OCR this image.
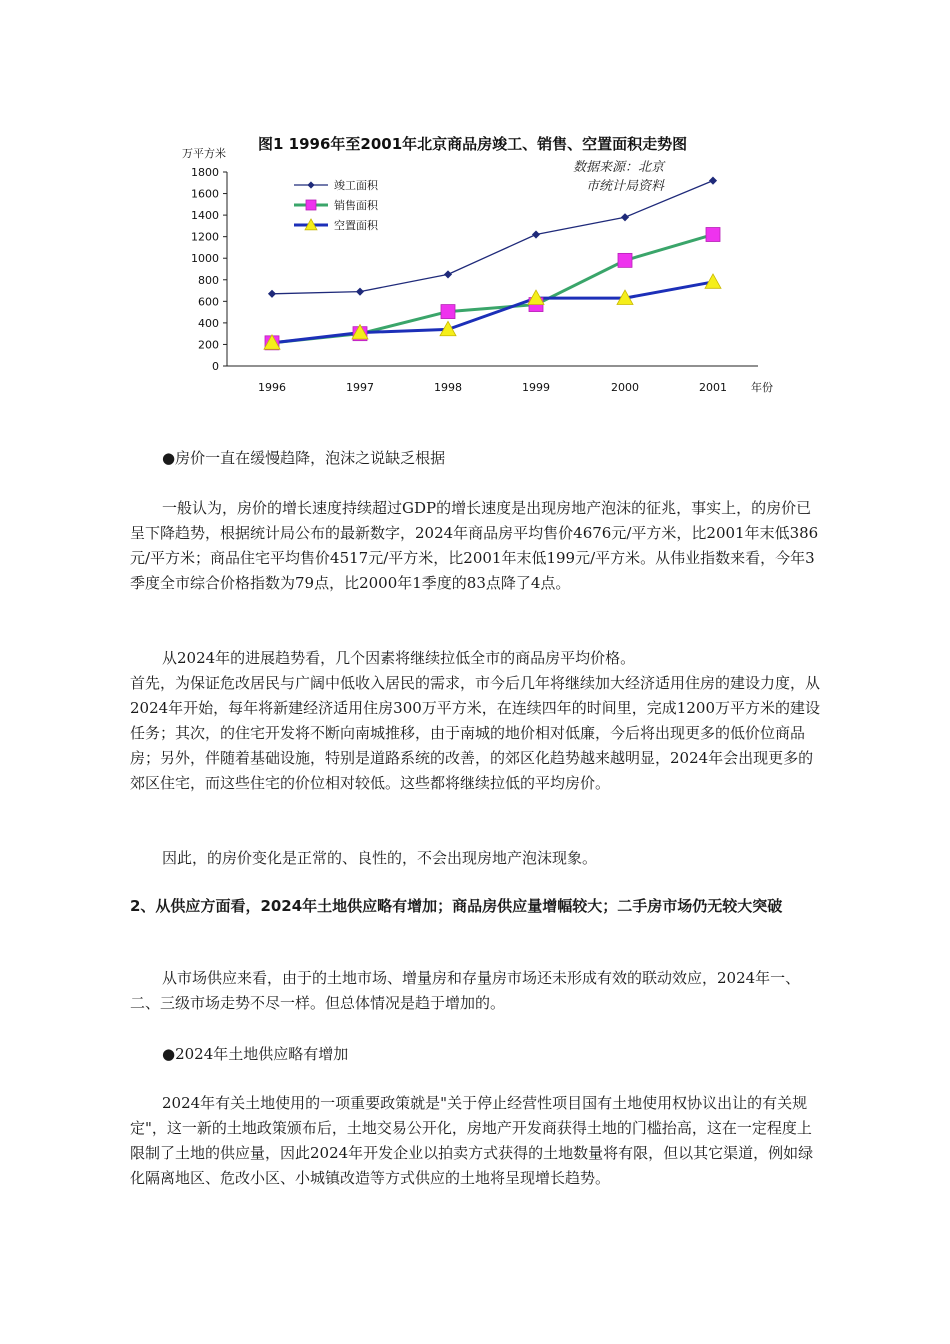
图1 1996年至2001年北京商品房竣工、销售、空置面积走势图
万平方米
数据来源：北京
市统计局资料
年份
0
200
400
600
800
1000
1200
1400
1600
1800
1996	1997	1998	1999	2000	2001
竣工面积
销售面积
空置面积

●房价一直在缓慢趋降，泡沫之说缺乏根据

一般认为，房价的增长速度持续超过GDP的增长速度是出现房地产泡沫的征兆，事实上，的房价已呈下降趋势，根据统计局公布的最新数字，2024年商品房平均售价4676元/平方米，比2001年末低386元/平方米；商品住宅平均售价4517元/平方米，比2001年末低199元/平方米。从伟业指数来看，今年3季度全市综合价格指数为79点，比2000年1季度的83点降了4点。

从2024年的进展趋势看，几个因素将继续拉低全市的商品房平均价格。

首先，为保证危改居民与广阔中低收入居民的需求，市今后几年将继续加大经济适用住房的建设力度，从2024年开始，每年将新建经济适用住房300万平方米，在连续四年的时间里，完成1200万平方米的建设任务；其次，的住宅开发将不断向南城推移，由于南城的地价相对低廉，今后将出现更多的低价位商品房；另外，伴随着基础设施，特别是道路系统的改善，的郊区化趋势越来越明显，2024年会出现更多的郊区住宅，而这些住宅的价位相对较低。这些都将继续拉低的平均房价。

因此，的房价变化是正常的、良性的，不会出现房地产泡沫现象。

2、从供应方面看，2024年土地供应略有增加；商品房供应量增幅较大；二手房市场仍无较大突破

从市场供应来看，由于的土地市场、增量房和存量房市场还未形成有效的联动效应，2024年一、二、三级市场走势不尽一样。但总体情况是趋于增加的。

●2024年土地供应略有增加

2024年有关土地使用的一项重要政策就是"关于停止经营性项目国有土地使用权协议出让的有关规定"，这一新的土地政策颁布后，土地交易公开化，房地产开发商获得土地的门槛抬高，这在一定程度上限制了土地的供应量，因此2024年开发企业以拍卖方式获得的土地数量将有限，但以其它渠道，例如绿化隔离地区、危改小区、小城镇改造等方式供应的土地将呈现增长趋势。
